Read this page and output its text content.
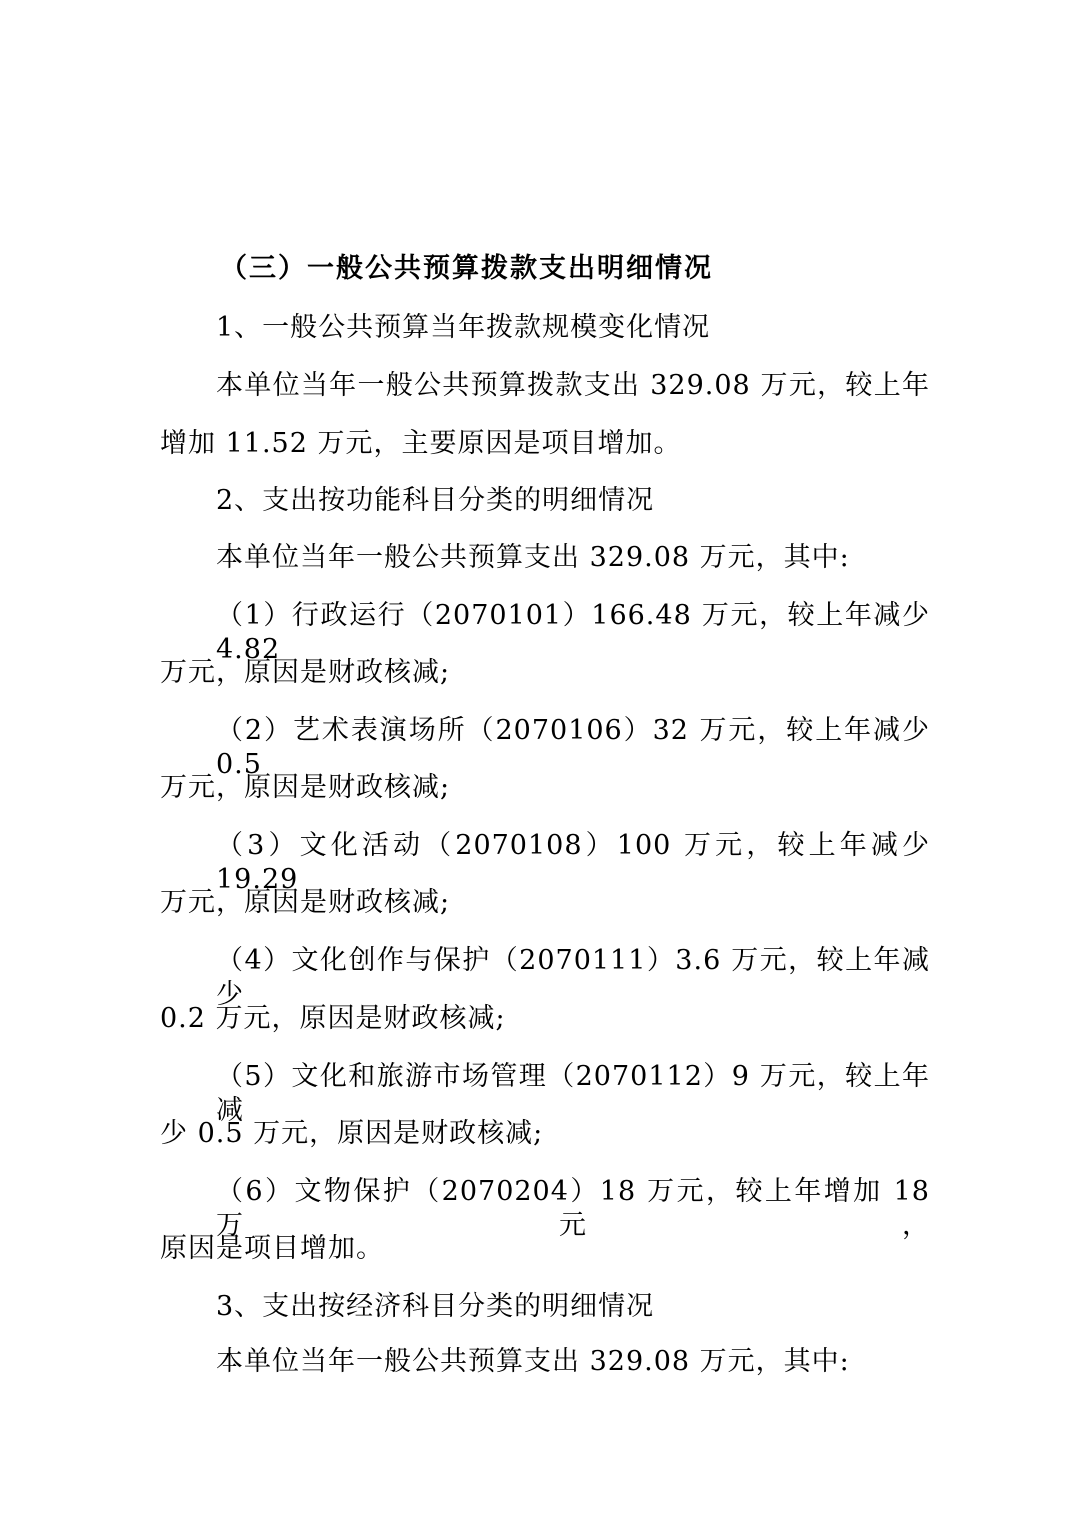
（三）一般公共预算拨款支出明细情况
1、一般公共预算当年拨款规模变化情况
本单位当年一般公共预算拨款支出 329.08 万元，较上年
增加 11.52 万元，主要原因是项目增加。
2、支出按功能科目分类的明细情况
本单位当年一般公共预算支出 329.08 万元，其中:
（1）行政运行（2070101）166.48 万元，较上年减少 4.82
万元，原因是财政核减;
（2）艺术表演场所（2070106）32 万元，较上年减少 0.5
万元，原因是财政核减;
（3）文化活动（2070108）100 万元，较上年减少 19.29
万元，原因是财政核减;
（4）文化创作与保护（2070111）3.6 万元，较上年减少
0.2 万元，原因是财政核减;
（5）文化和旅游市场管理（2070112）9 万元，较上年减
少 0.5 万元，原因是财政核减;
（6）文物保护（2070204）18 万元，较上年增加 18 万元，
原因是项目增加。
3、支出按经济科目分类的明细情况
本单位当年一般公共预算支出 329.08 万元，其中:
